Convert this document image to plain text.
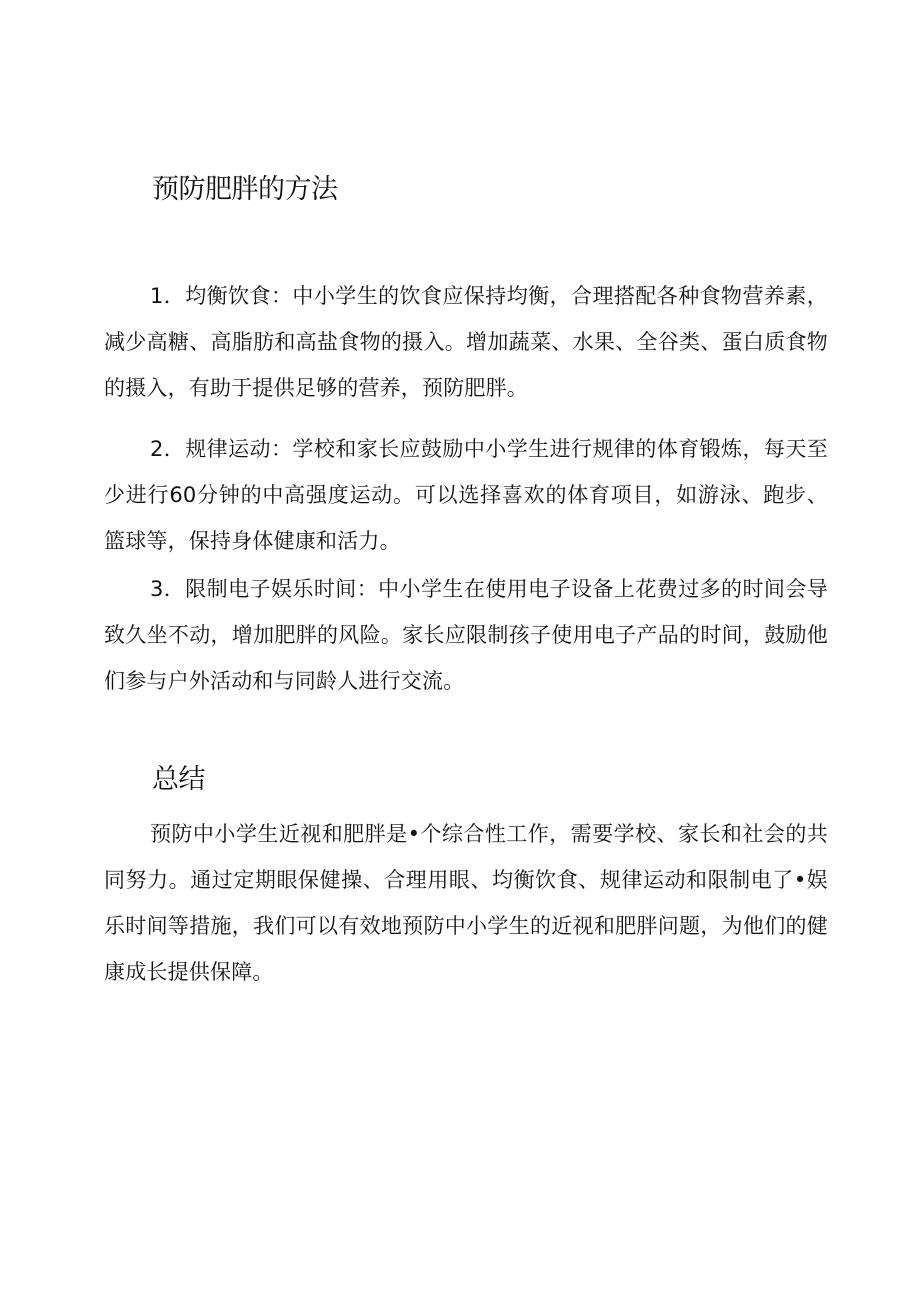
预防肥胖的方法

1．均衡饮食：中小学生的饮食应保持均衡，合理搭配各种食物营养素，减少高糖、高脂肪和高盐食物的摄入。增加蔬菜、水果、全谷类、蛋白质食物的摄入，有助于提供足够的营养，预防肥胖。

2．规律运动：学校和家长应鼓励中小学生进行规律的体育锻炼，每天至少进行60分钟的中高强度运动。可以选择喜欢的体育项目，如游泳、跑步、篮球等，保持身体健康和活力。

3．限制电子娱乐时间：中小学生在使用电子设备上花费过多的时间会导致久坐不动，增加肥胖的风险。家长应限制孩子使用电子产品的时间，鼓励他们参与户外活动和与同龄人进行交流。

总结

预防中小学生近视和肥胖是•个综合性工作，需要学校、家长和社会的共同努力。通过定期眼保健操、合理用眼、均衡饮食、规律运动和限制电了•娱乐时间等措施，我们可以有效地预防中小学生的近视和肥胖问题，为他们的健康成长提供保障。
